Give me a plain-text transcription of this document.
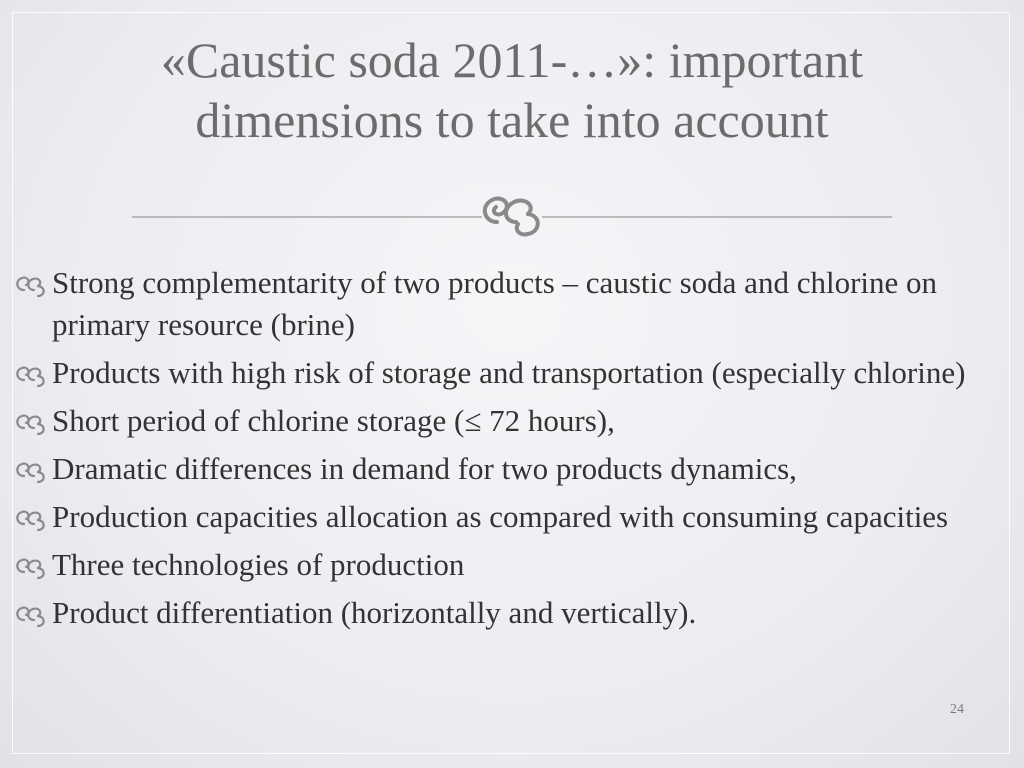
«Caustic soda 2011-…»: important
dimensions to take into account
Strong complementarity of two products – caustic soda and chlorine on primary resource (brine)
Products with high risk of storage and transportation (especially chlorine)
Short period of chlorine storage (≤ 72 hours),
Dramatic differences in demand for two products dynamics,
Production capacities allocation as compared with consuming capacities
Three technologies of production
Product differentiation (horizontally and vertically).
24
